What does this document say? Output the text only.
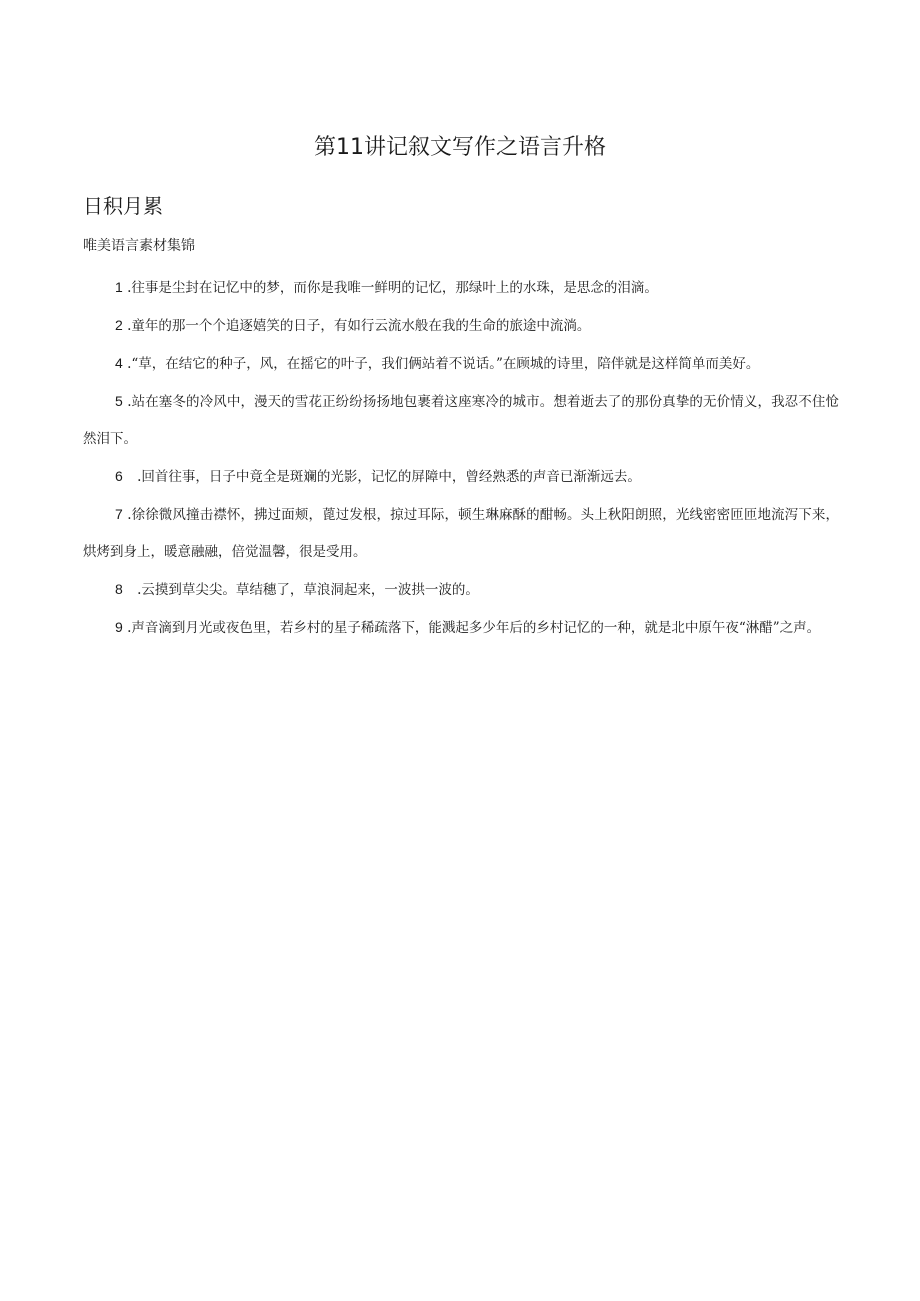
第11讲记叙文写作之语言升格
日积月累

唯美语言素材集锦

1 .往事是尘封在记忆中的梦，而你是我唯一鲜明的记忆，那绿叶上的水珠，是思念的泪滴。

2 .童年的那一个个追逐嬉笑的日子，有如行云流水般在我的生命的旅途中流淌。

4 .“草，在结它的种子，风，在摇它的叶子，我们俩站着不说话。”在顾城的诗里，陪伴就是这样简单而美好。

5 .站在塞冬的冷风中，漫天的雪花正纷纷扬扬地包裹着这座寒冷的城市。想着逝去了的那份真挚的无价情义，我忍不住怆然泪下。

6 .回首往事，日子中竟全是斑斓的光影，记忆的屏障中，曾经熟悉的声音已渐渐远去。

7 .徐徐微风撞击襟怀，拂过面颊，蓖过发根，掠过耳际，顿生琳麻酥的酣畅。头上秋阳朗照，光线密密匝匝地流泻下来，烘烤到身上，暖意融融，倍觉温馨，很是受用。

8 .云摸到草尖尖。草结穗了，草浪洞起来，一波拱一波的。

9 .声音滴到月光或夜色里，若乡村的星子稀疏落下，能溅起多少年后的乡村记忆的一种，就是北中原午夜“淋醋”之声。
